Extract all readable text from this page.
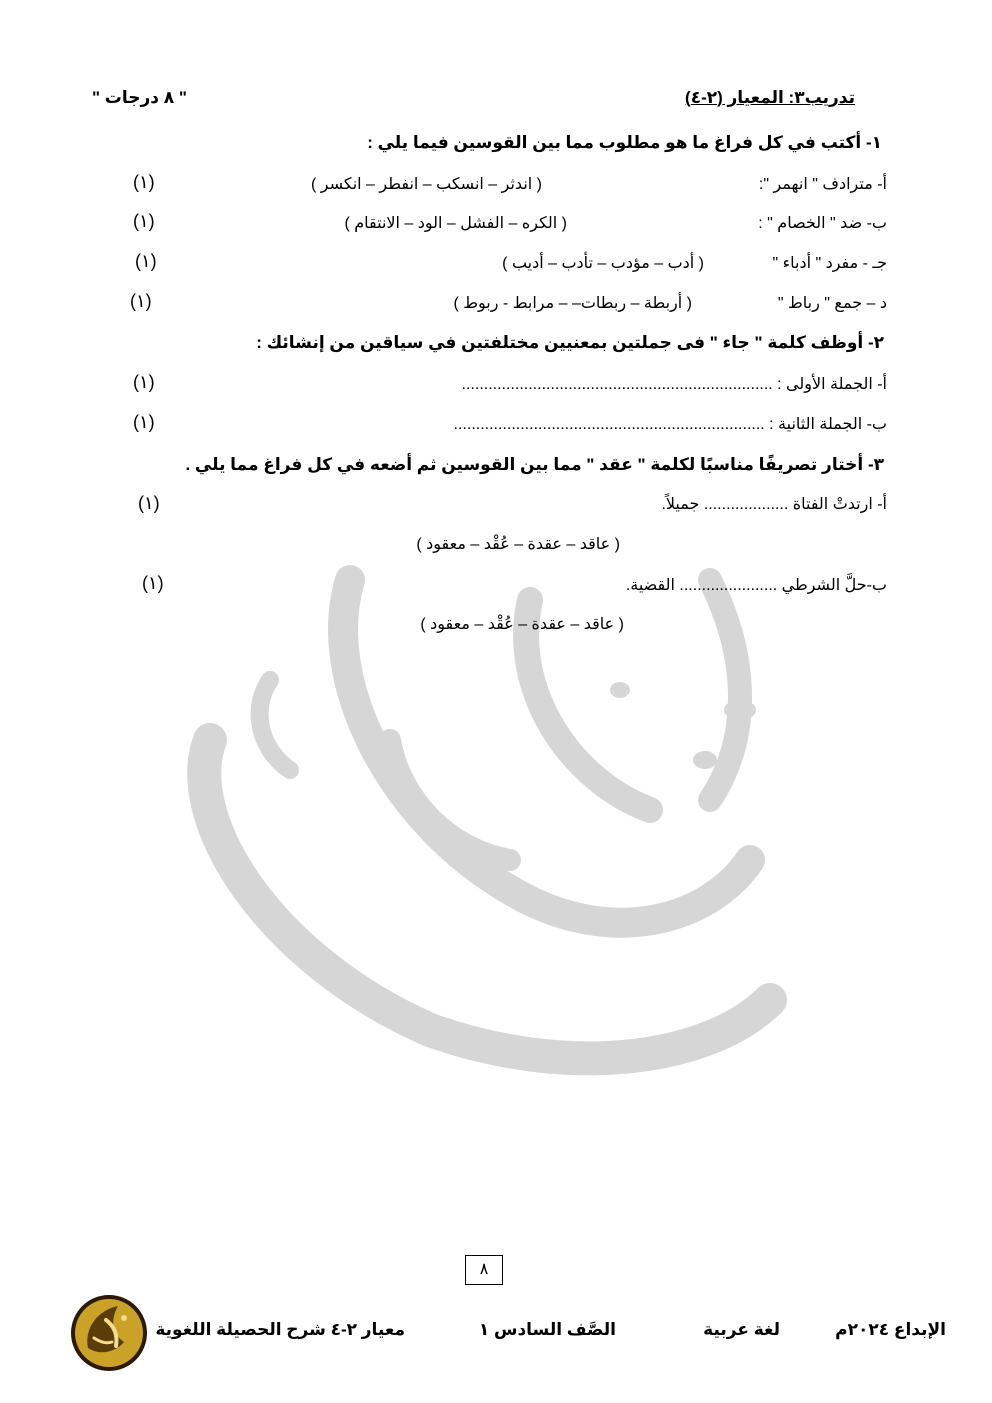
تدريب٣: المعيار (٢-٤)
" ٨ درجات "
١- أكتب في كل فراغ ما هو مطلوب مما بين القوسين فيما يلي :
أ- مترادف " انهمر ":
( اندثر – انسكب – انفطر – انكسر )
(١)
ب- ضد " الخصام " :
( الكره – الفشل – الود – الانتقام )
(١)
جـ - مفرد " أدباء "
( أدب – مؤدب – تأدب – أديب )
(١)
د – جمع " رباط "
( أربطة – ربطات– – مرابط - ربوط )
(١)
٢- أوظف كلمة " جاء " فى جملتين بمعنيين مختلفتين في سياقين من إنشائك :
أ- الجملة الأولى : ......................................................................
(١)
ب- الجملة الثانية : ......................................................................
(١)
٣- أختار تصريفًا مناسبًا لكلمة " عقد " مما بين القوسين ثم أضعه في كل فراغ مما يلي .
أ- ارتدتْ الفتاة ................... جميلاً.
(١)
( عاقد – عقدة – عُقْد – معقود )
ب-حلَّ الشرطي ...................... القضية.
(١)
( عاقد – عقدة – عُقْد – معقود )
٨
الإبداع ٢٠٢٤م
لغة عربية
الصَّف السادس ١
معيار ٢-٤ شرح الحصيلة اللغوية
